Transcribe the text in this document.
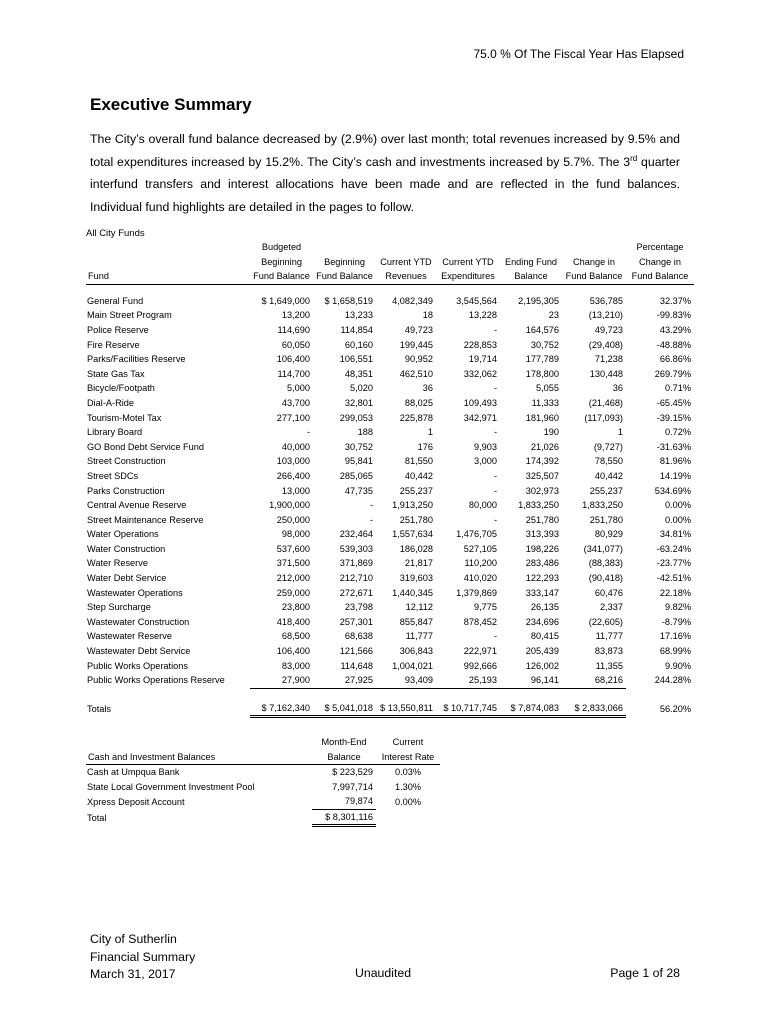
75.0 % Of The Fiscal Year Has Elapsed
Executive Summary
The City’s overall fund balance decreased by (2.9%) over last month; total revenues increased by 9.5% and total expenditures increased by 15.2%. The City’s cash and investments increased by 5.7%. The 3rd quarter interfund transfers and interest allocations have been made and are reflected in the fund balances. Individual fund highlights are detailed in the pages to follow.
All City Funds
	Budgeted						Percentage
	Beginning	Beginning	Current YTD	Current YTD	Ending Fund	Change in	Change in
Fund	Fund Balance	Fund Balance	Revenues	Expenditures	Balance	Fund Balance	Fund Balance

General Fund	$ 1,649,000	$ 1,658,519	4,082,349	3,545,564	2,195,305	536,785	32.37%
Main Street Program	13,200	13,233	18	13,228	23	(13,210)	-99.83%
Police Reserve	114,690	114,854	49,723	-	164,576	49,723	43.29%
Fire Reserve	60,050	60,160	199,445	228,853	30,752	(29,408)	-48.88%
Parks/Facilities Reserve	106,400	106,551	90,952	19,714	177,789	71,238	66.86%
State Gas Tax	114,700	48,351	462,510	332,062	178,800	130,448	269.79%
Bicycle/Footpath	5,000	5,020	36	-	5,055	36	0.71%
Dial-A-Ride	43,700	32,801	88,025	109,493	11,333	(21,468)	-65.45%
Tourism-Motel Tax	277,100	299,053	225,878	342,971	181,960	(117,093)	-39.15%
Library Board	-	188	1	-	190	1	0.72%
GO Bond Debt Service Fund	40,000	30,752	176	9,903	21,026	(9,727)	-31.63%
Street Construction	103,000	95,841	81,550	3,000	174,392	78,550	81.96%
Street SDCs	266,400	285,065	40,442	-	325,507	40,442	14.19%
Parks Construction	13,000	47,735	255,237	-	302,973	255,237	534.69%
Central Avenue Reserve	1,900,000	-	1,913,250	80,000	1,833,250	1,833,250	0.00%
Street Maintenance Reserve	250,000	-	251,780	-	251,780	251,780	0.00%
Water Operations	98,000	232,464	1,557,634	1,476,705	313,393	80,929	34.81%
Water Construction	537,600	539,303	186,028	527,105	198,226	(341,077)	-63.24%
Water Reserve	371,500	371,869	21,817	110,200	283,486	(88,383)	-23.77%
Water Debt Service	212,000	212,710	319,603	410,020	122,293	(90,418)	-42.51%
Wastewater Operations	259,000	272,671	1,440,345	1,379,869	333,147	60,476	22.18%
Step Surcharge	23,800	23,798	12,112	9,775	26,135	2,337	9.82%
Wastewater Construction	418,400	257,301	855,847	878,452	234,696	(22,605)	-8.79%
Wastewater Reserve	68,500	68,638	11,777	-	80,415	11,777	17.16%
Wastewater Debt Service	106,400	121,566	306,843	222,971	205,439	83,873	68.99%
Public Works Operations	83,000	114,648	1,004,021	992,666	126,002	11,355	9.90%
Public Works Operations Reserve	27,900	27,925	93,409	25,193	96,141	68,216	244.28%

Totals	$ 7,162,340	$ 5,041,018	$ 13,550,811	$ 10,717,745	$ 7,874,083	$ 2,833,066	56.20%
	Month-End	Current
Cash and Investment Balances	Balance	Interest Rate
Cash at Umpqua Bank	$ 223,529	0.03%
State Local Government Investment Pool	7,997,714	1.30%
Xpress Deposit Account	79,874	0.00%
Total	$ 8,301,116	
City of Sutherlin
Financial Summary
March 31, 2017	Unaudited	Page 1 of 28
